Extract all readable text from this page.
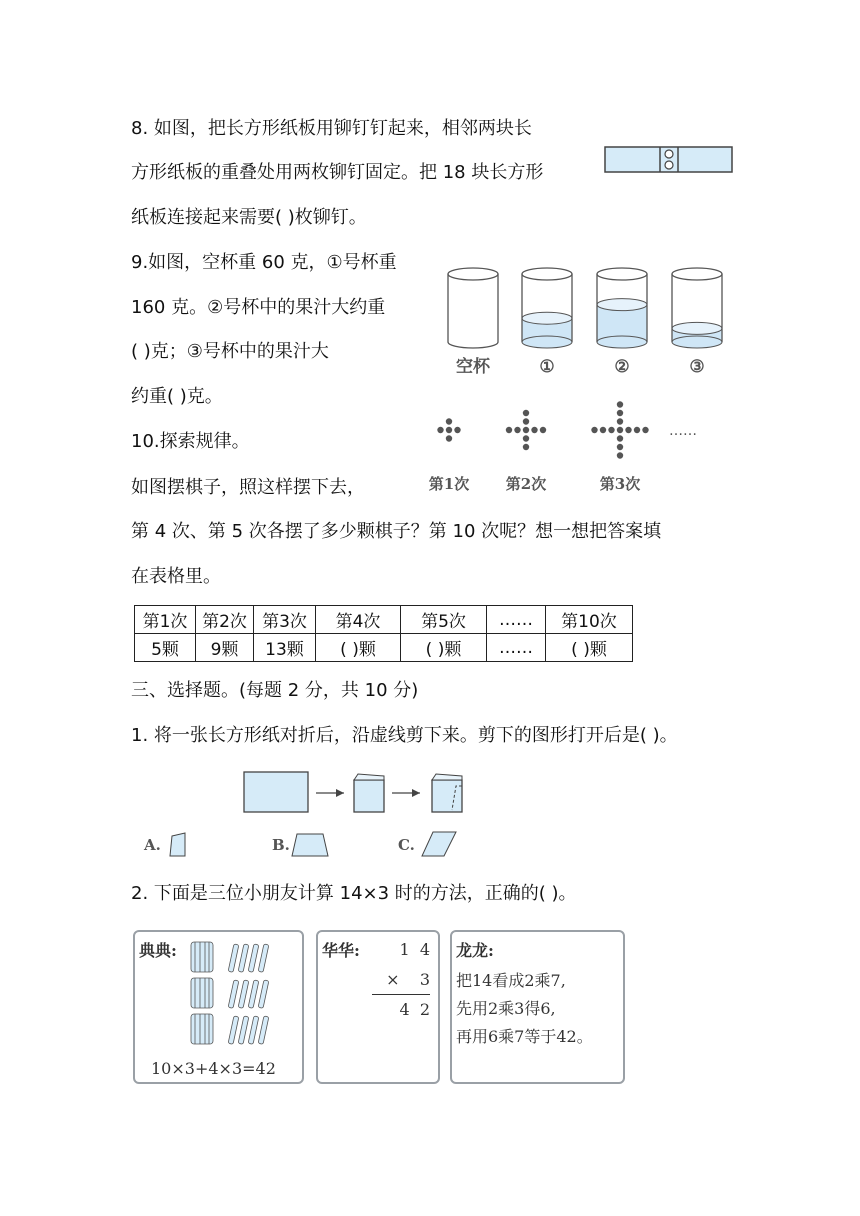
8. 如图，把长方形纸板用铆钉钉起来，相邻两块长
方形纸板的重叠处用两枚铆钉固定。把 18 块长方形
纸板连接起来需要( )枚铆钉。
9.如图，空杯重 60 克，①号杯重
160 克。②号杯中的果汁大约重
( )克；③号杯中的果汁大
约重( )克。
空杯	①	②	③
10.探索规律。
如图摆棋子，照这样摆下去，	第1次 第2次	第3次
……
第 4 次、第 5 次各摆了多少颗棋子？第 10 次呢？想一想把答案填
在表格里。
第1次	第2次	第3次	第4次	第5次	……	第10次
5颗	9颗	13颗	( )颗	( )颗	……	( )颗
三、选择题。(每题 2 分，共 10 分)
1. 将一张长方形纸对折后，沿虚线剪下来。剪下的图形打开后是( )。
A.	B.	C.
2. 下面是三位小朋友计算 14×3 时的方法，正确的( )。
典典:
10×3+4×3=42
华华: 1  4
×    3
4  2
龙龙:
把14看成2乘7,
先用2乘3得6,
再用6乘7等于42。
